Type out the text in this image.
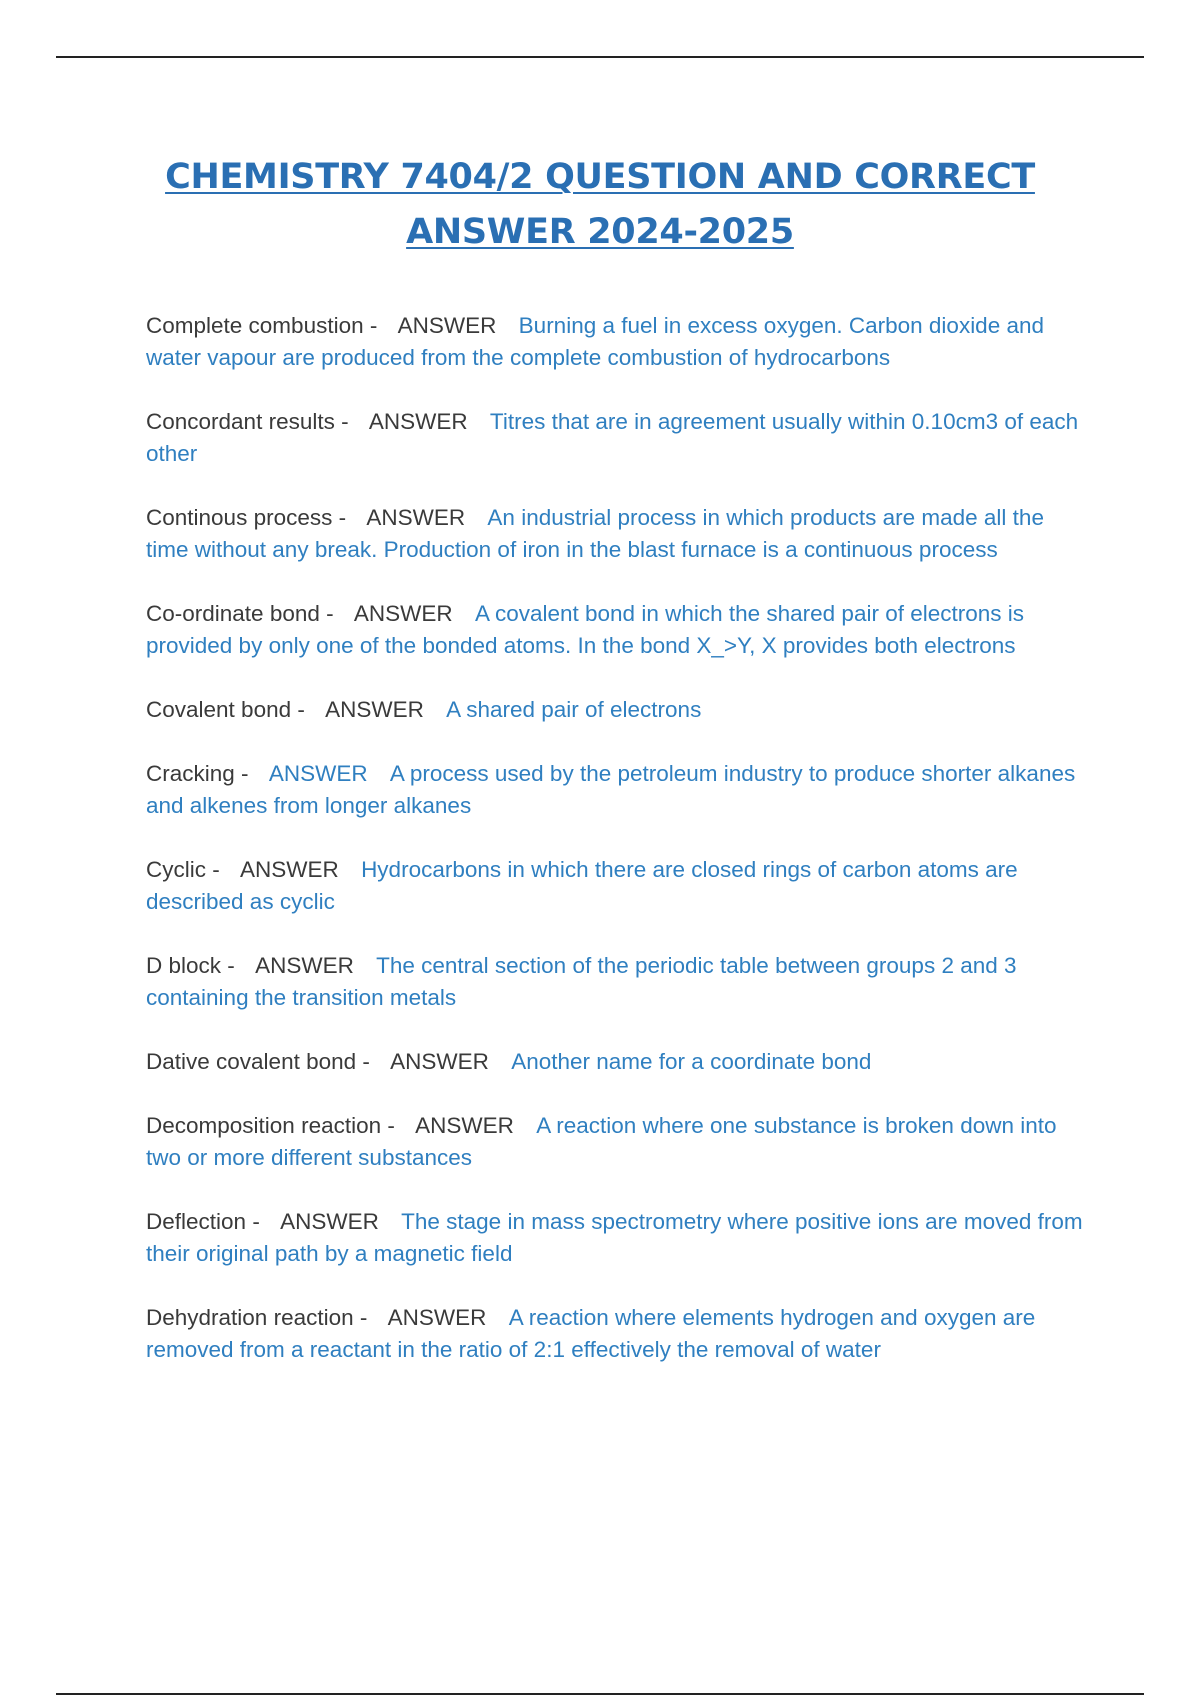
CHEMISTRY 7404/2 QUESTION AND CORRECT
ANSWER 2024-2025

Complete combustion - ANSWER Burning a fuel in excess oxygen. Carbon dioxide and water vapour are produced from the complete combustion of hydrocarbons

Concordant results - ANSWER Titres that are in agreement usually within 0.10cm3 of each other

Continous process - ANSWER An industrial process in which products are made all the time without any break. Production of iron in the blast furnace is a continuous process

Co-ordinate bond - ANSWER A covalent bond in which the shared pair of electrons is provided by only one of the bonded atoms. In the bond X_>Y, X provides both electrons

Covalent bond - ANSWER A shared pair of electrons

Cracking - ANSWER A process used by the petroleum industry to produce shorter alkanes and alkenes from longer alkanes

Cyclic - ANSWER Hydrocarbons in which there are closed rings of carbon atoms are described as cyclic

D block - ANSWER The central section of the periodic table between groups 2 and 3 containing the transition metals

Dative covalent bond - ANSWER Another name for a coordinate bond

Decomposition reaction - ANSWER A reaction where one substance is broken down into two or more different substances

Deflection - ANSWER The stage in mass spectrometry where positive ions are moved from their original path by a magnetic field

Dehydration reaction - ANSWER A reaction where elements hydrogen and oxygen are removed from a reactant in the ratio of 2:1 effectively the removal of water
